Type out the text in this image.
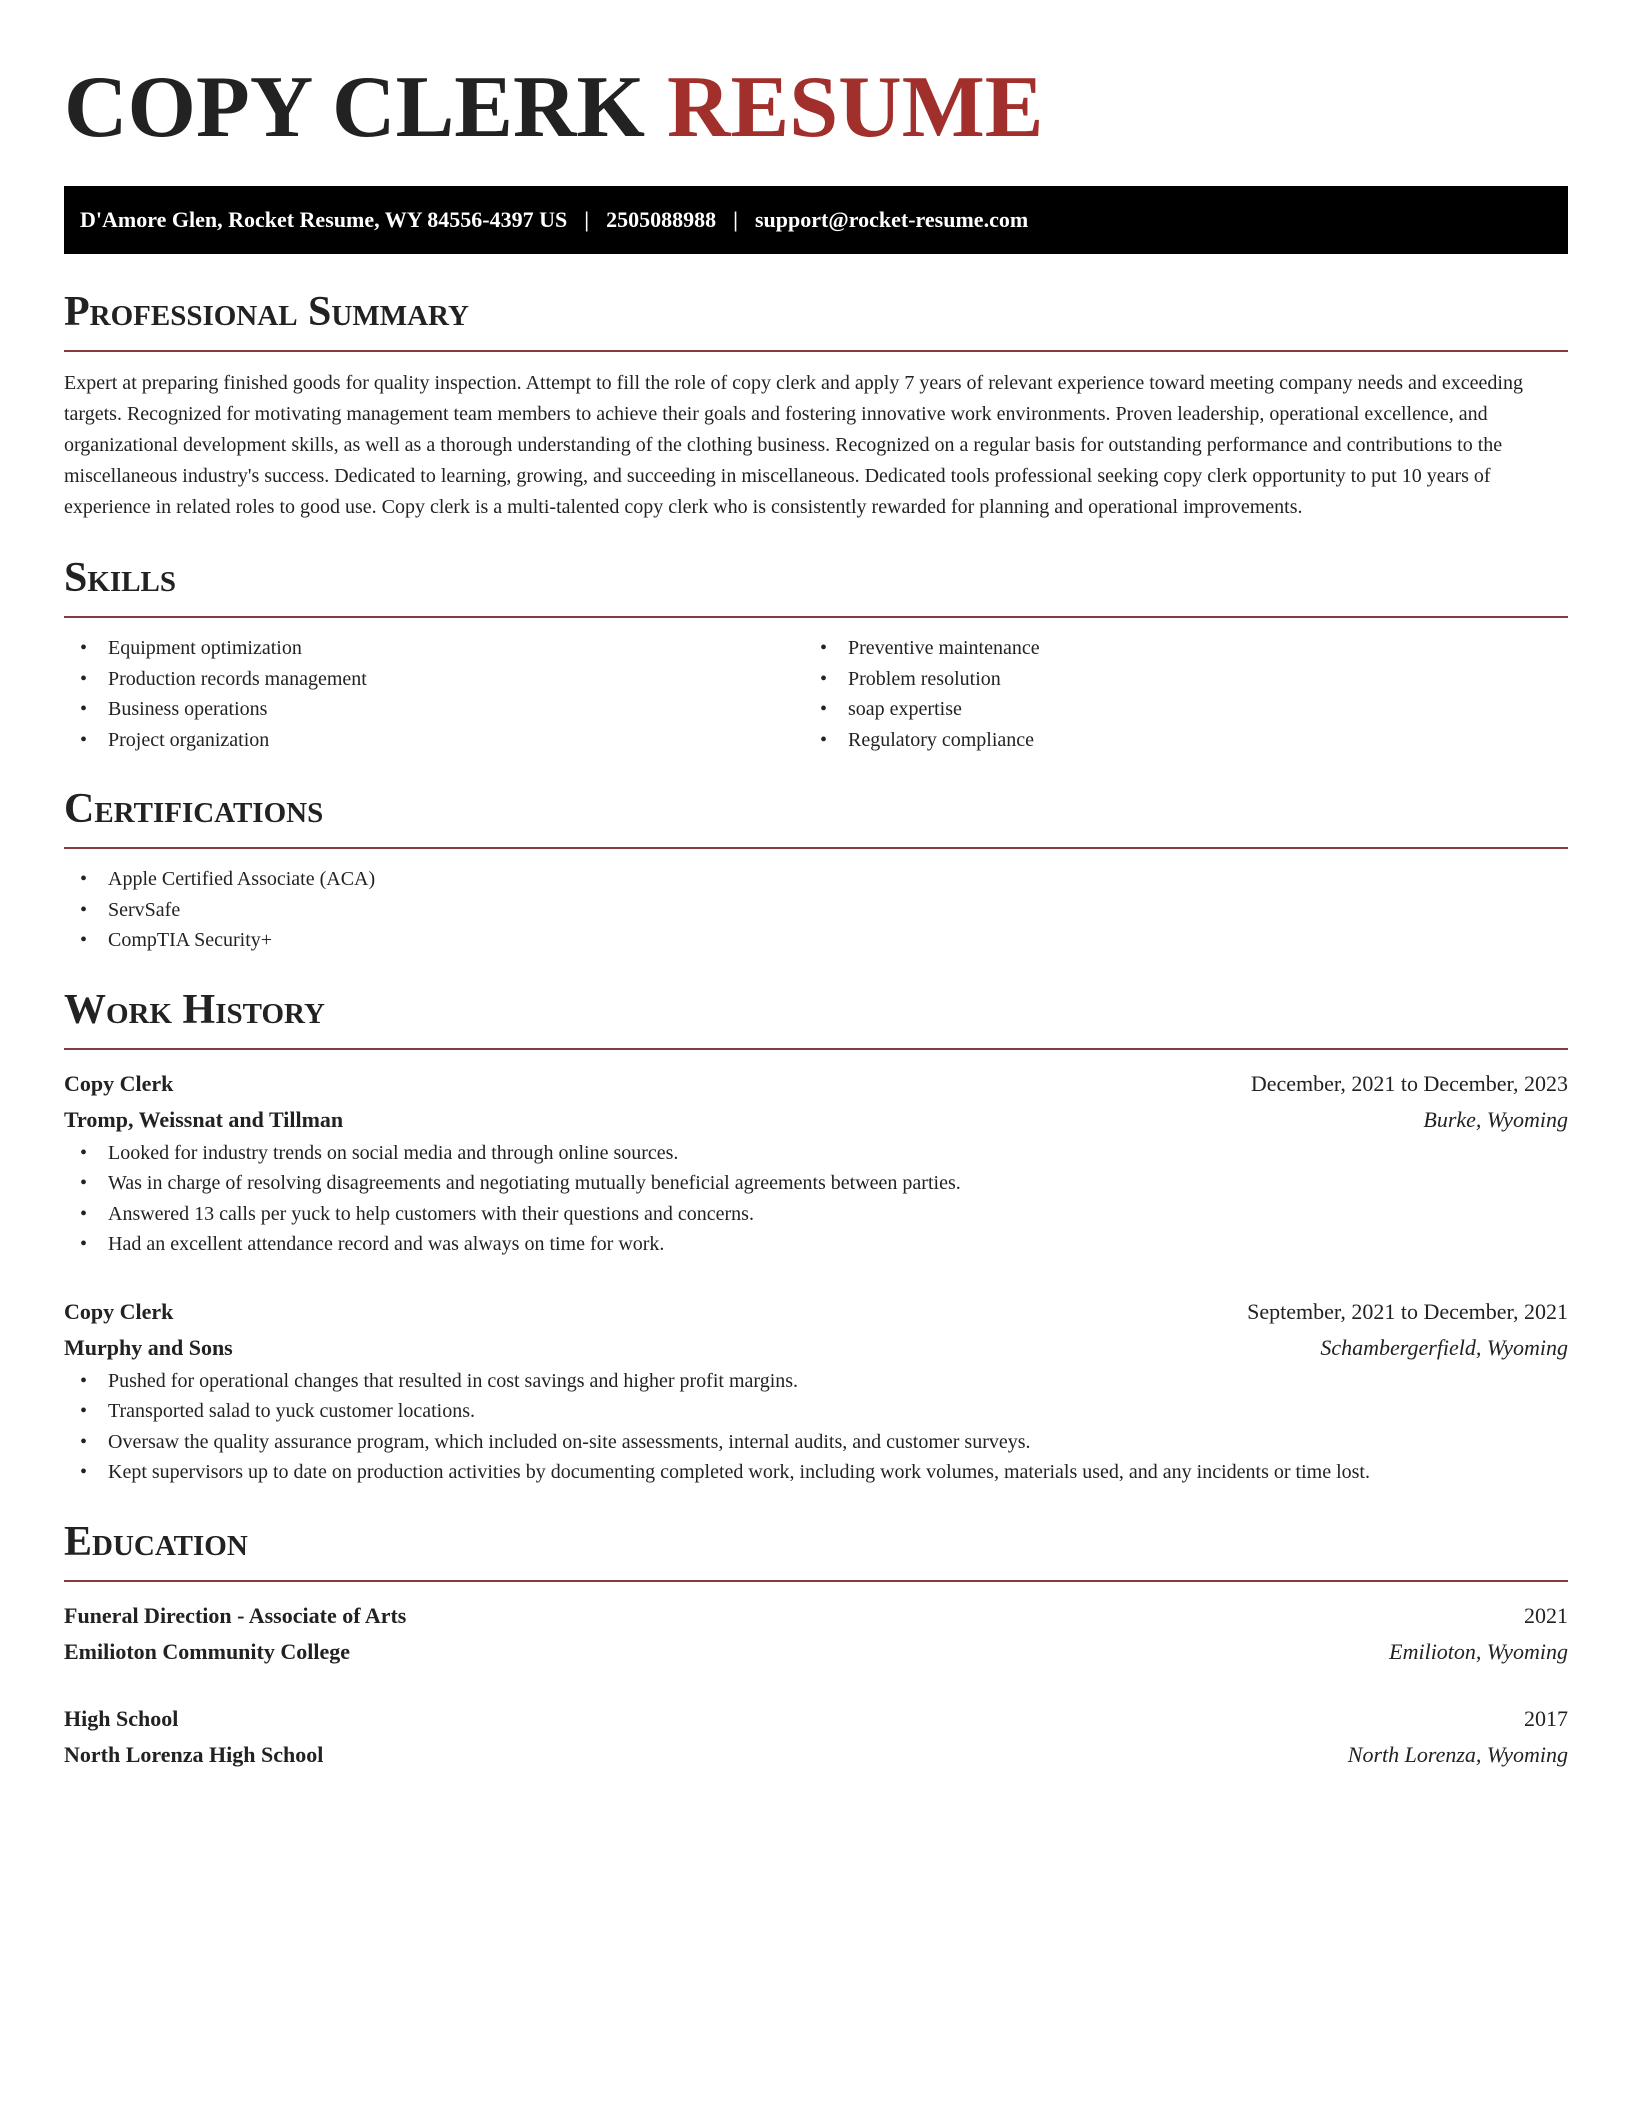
COPY CLERK RESUME
D'Amore Glen, Rocket Resume, WY 84556-4397 US | 2505088988 | support@rocket-resume.com
Professional Summary

Expert at preparing finished goods for quality inspection. Attempt to fill the role of copy clerk and apply 7 years of relevant experience toward meeting company needs and exceeding targets. Recognized for motivating management team members to achieve their goals and fostering innovative work environments. Proven leadership, operational excellence, and organizational development skills, as well as a thorough understanding of the clothing business. Recognized on a regular basis for outstanding performance and contributions to the miscellaneous industry's success. Dedicated to learning, growing, and succeeding in miscellaneous. Dedicated tools professional seeking copy clerk opportunity to put 10 years of experience in related roles to good use. Copy clerk is a multi-talented copy clerk who is consistently rewarded for planning and operational improvements.

Skills
• Equipment optimization
• Production records management
• Business operations
• Project organization
• Preventive maintenance
• Problem resolution
• soap expertise
• Regulatory compliance
Certifications
• Apple Certified Associate (ACA)
• ServSafe
• CompTIA Security+
Work History
Copy Clerk	December, 2021 to December, 2023
Tromp, Weissnat and Tillman	Burke, Wyoming
• Looked for industry trends on social media and through online sources.
• Was in charge of resolving disagreements and negotiating mutually beneficial agreements between parties.
• Answered 13 calls per yuck to help customers with their questions and concerns.
• Had an excellent attendance record and was always on time for work.
Copy Clerk	September, 2021 to December, 2021
Murphy and Sons	Schambergerfield, Wyoming
• Pushed for operational changes that resulted in cost savings and higher profit margins.
• Transported salad to yuck customer locations.
• Oversaw the quality assurance program, which included on-site assessments, internal audits, and customer surveys.
• Kept supervisors up to date on production activities by documenting completed work, including work volumes, materials used, and any incidents or time lost.
Education
Funeral Direction - Associate of Arts	2021
Emilioton Community College	Emilioton, Wyoming
High School	2017
North Lorenza High School	North Lorenza, Wyoming
